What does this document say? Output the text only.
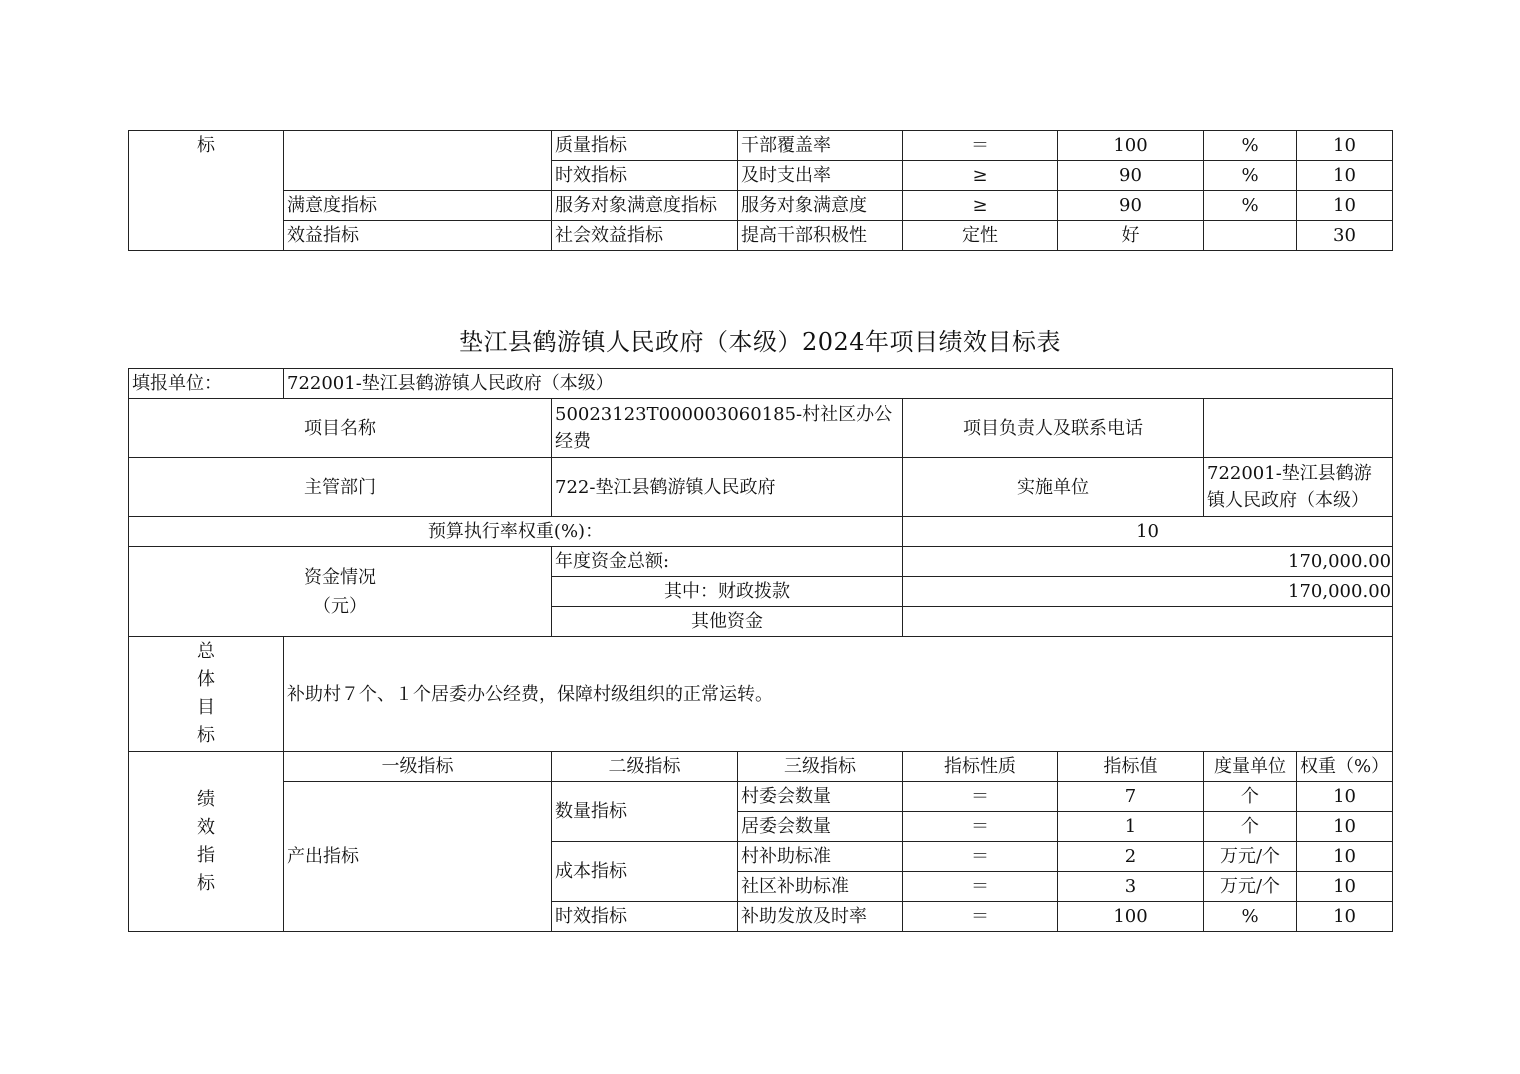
标		质量指标	干部覆盖率	＝	100	%	10
		时效指标	及时支出率	≥	90	%	10
	满意度指标	服务对象满意度指标	服务对象满意度	≥	90	%	10
	效益指标	社会效益指标	提高干部积极性	定性	好		30
垫江县鹤游镇人民政府（本级）2024年项目绩效目标表
填报单位：	722001-垫江县鹤游镇人民政府（本级）						
项目名称		50023123T000003060185-村社区办公经费		项目负责人及联系电话			
主管部门		722-垫江县鹤游镇人民政府		实施单位		722001-垫江县鹤游镇人民政府（本级）	
预算执行率权重(%)：				10			

资金情况
（元）		年度资金总额:		170,000.00			
		其中：财政拨款		170,000.00			
		其他资金					

总
体
目
标	补助村７个、１个居委办公经费，保障村级组织的正常运转。						

绩
效
指
标	一级指标	二级指标	三级指标	指标性质	指标值	度量单位	权重（%）
	产出指标	数量指标	村委会数量	＝	7	个	10
			居委会数量	＝	1	个	10
		成本指标	村补助标准	＝	2	万元/个	10
			社区补助标准	＝	3	万元/个	10
		时效指标	补助发放及时率	＝	100	%	10
